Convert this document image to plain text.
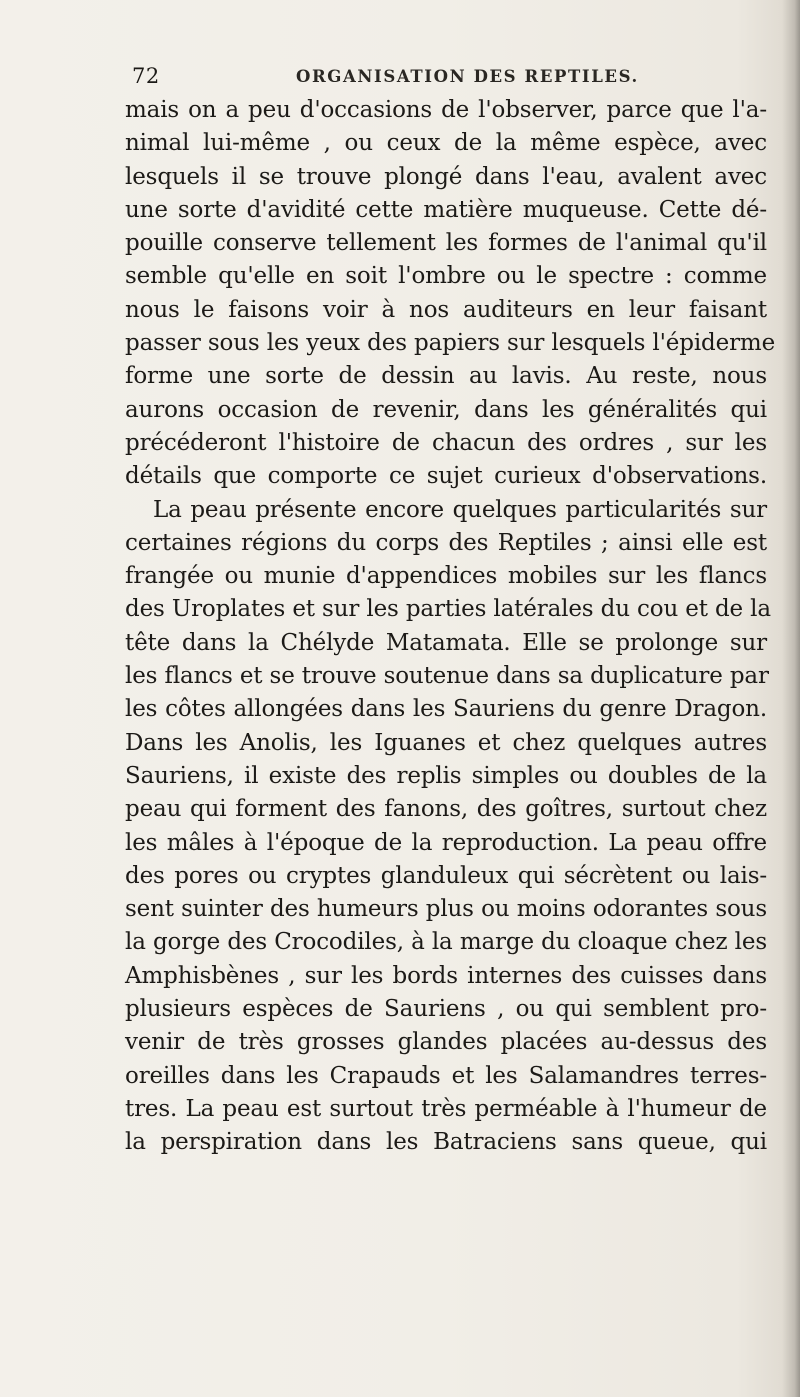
72	ORGANISATION DES REPTILES.
mais on a peu d'occasions de l'observer, parce que l'a-
nimal lui-même , ou ceux de la même espèce, avec
lesquels il se trouve plongé dans l'eau, avalent avec
une sorte d'avidité cette matière muqueuse. Cette dé-
pouille conserve tellement les formes de l'animal qu'il
semble qu'elle en soit l'ombre ou le spectre : comme
nous le faisons voir à nos auditeurs en leur faisant
passer sous les yeux des papiers sur lesquels l'épiderme
forme une sorte de dessin au lavis. Au reste, nous
aurons occasion de revenir, dans les généralités qui
précéderont l'histoire de chacun des ordres , sur les
détails que comporte ce sujet curieux d'observations.
La peau présente encore quelques particularités sur
certaines régions du corps des Reptiles ; ainsi elle est
frangée ou munie d'appendices mobiles sur les flancs
des Uroplates et sur les parties latérales du cou et de la
tête dans la Chélyde Matamata. Elle se prolonge sur
les flancs et se trouve soutenue dans sa duplicature par
les côtes allongées dans les Sauriens du genre Dragon.
Dans les Anolis, les Iguanes et chez quelques autres
Sauriens, il existe des replis simples ou doubles de la
peau qui forment des fanons, des goîtres, surtout chez
les mâles à l'époque de la reproduction. La peau offre
des pores ou cryptes glanduleux qui sécrètent ou lais-
sent suinter des humeurs plus ou moins odorantes sous
la gorge des Crocodiles, à la marge du cloaque chez les
Amphisbènes , sur les bords internes des cuisses dans
plusieurs espèces de Sauriens , ou qui semblent pro-
venir de très grosses glandes placées au-dessus des
oreilles dans les Crapauds et les Salamandres terres-
tres. La peau est surtout très perméable à l'humeur de
la perspiration dans les Batraciens sans queue, qui
